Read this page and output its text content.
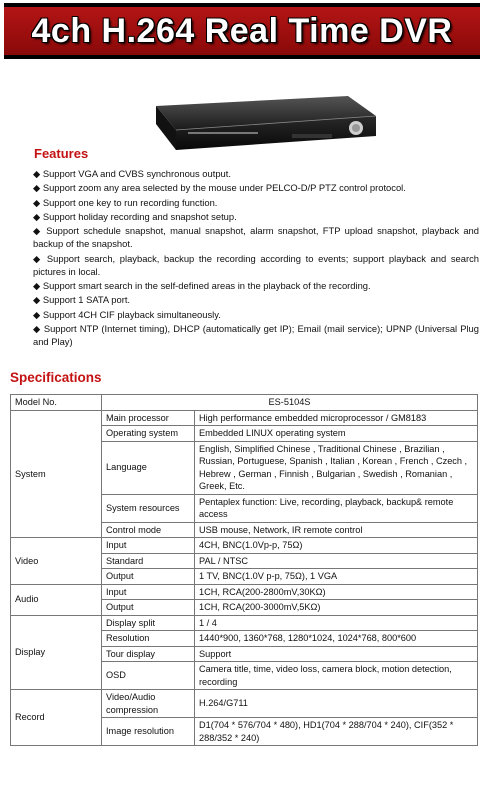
4ch H.264 Real Time DVR
Features

◆ Support VGA and CVBS synchronous output.

◆ Support zoom any area selected by the mouse under PELCO-D/P PTZ control protocol.

◆ Support one key to run recording function.

◆ Support holiday recording and snapshot setup.

◆ Support schedule snapshot, manual snapshot, alarm snapshot, FTP upload snapshot, playback and backup of the snapshot.

◆ Support search, playback, backup the recording according to events; support playback and search pictures in local.

◆ Support smart search in the self-defined areas in the playback of the recording.

◆ Support 1 SATA port.

◆ Support 4CH CIF playback simultaneously.

◆ Support NTP (Internet timing), DHCP (automatically get IP); Email (mail service); UPNP (Universal Plug and Play)

Specifications
Model No.	ES-5104S	
System	Main processor	High performance embedded microprocessor / GM8183
	Operating system	Embedded LINUX operating system
	Language	English, Simplified Chinese , Traditional Chinese , Brazilian , Russian, Portuguese, Spanish , Italian , Korean , French , Czech , Hebrew , German , Finnish , Bulgarian , Swedish , Romanian , Greek, Etc.
	System resources	Pentaplex function: Live, recording, playback, backup& remote access
	Control mode	USB mouse, Network, IR remote control
Video	Input	4CH, BNC(1.0Vp-p, 75Ω)
	Standard	PAL / NTSC
	Output	1 TV, BNC(1.0V p-p, 75Ω), 1 VGA
Audio	Input	1CH, RCA(200-2800mV,30KΩ)
	Output	1CH, RCA(200-3000mV,5KΩ)
Display	Display split	1 / 4
	Resolution	1440*900, 1360*768, 1280*1024, 1024*768, 800*600
	Tour display	Support
	OSD	Camera title, time, video loss, camera block, motion detection, recording
Record	Video/Audio compression	H.264/G711
	Image resolution	D1(704 * 576/704 * 480), HD1(704 * 288/704 * 240), CIF(352 * 288/352 * 240)
